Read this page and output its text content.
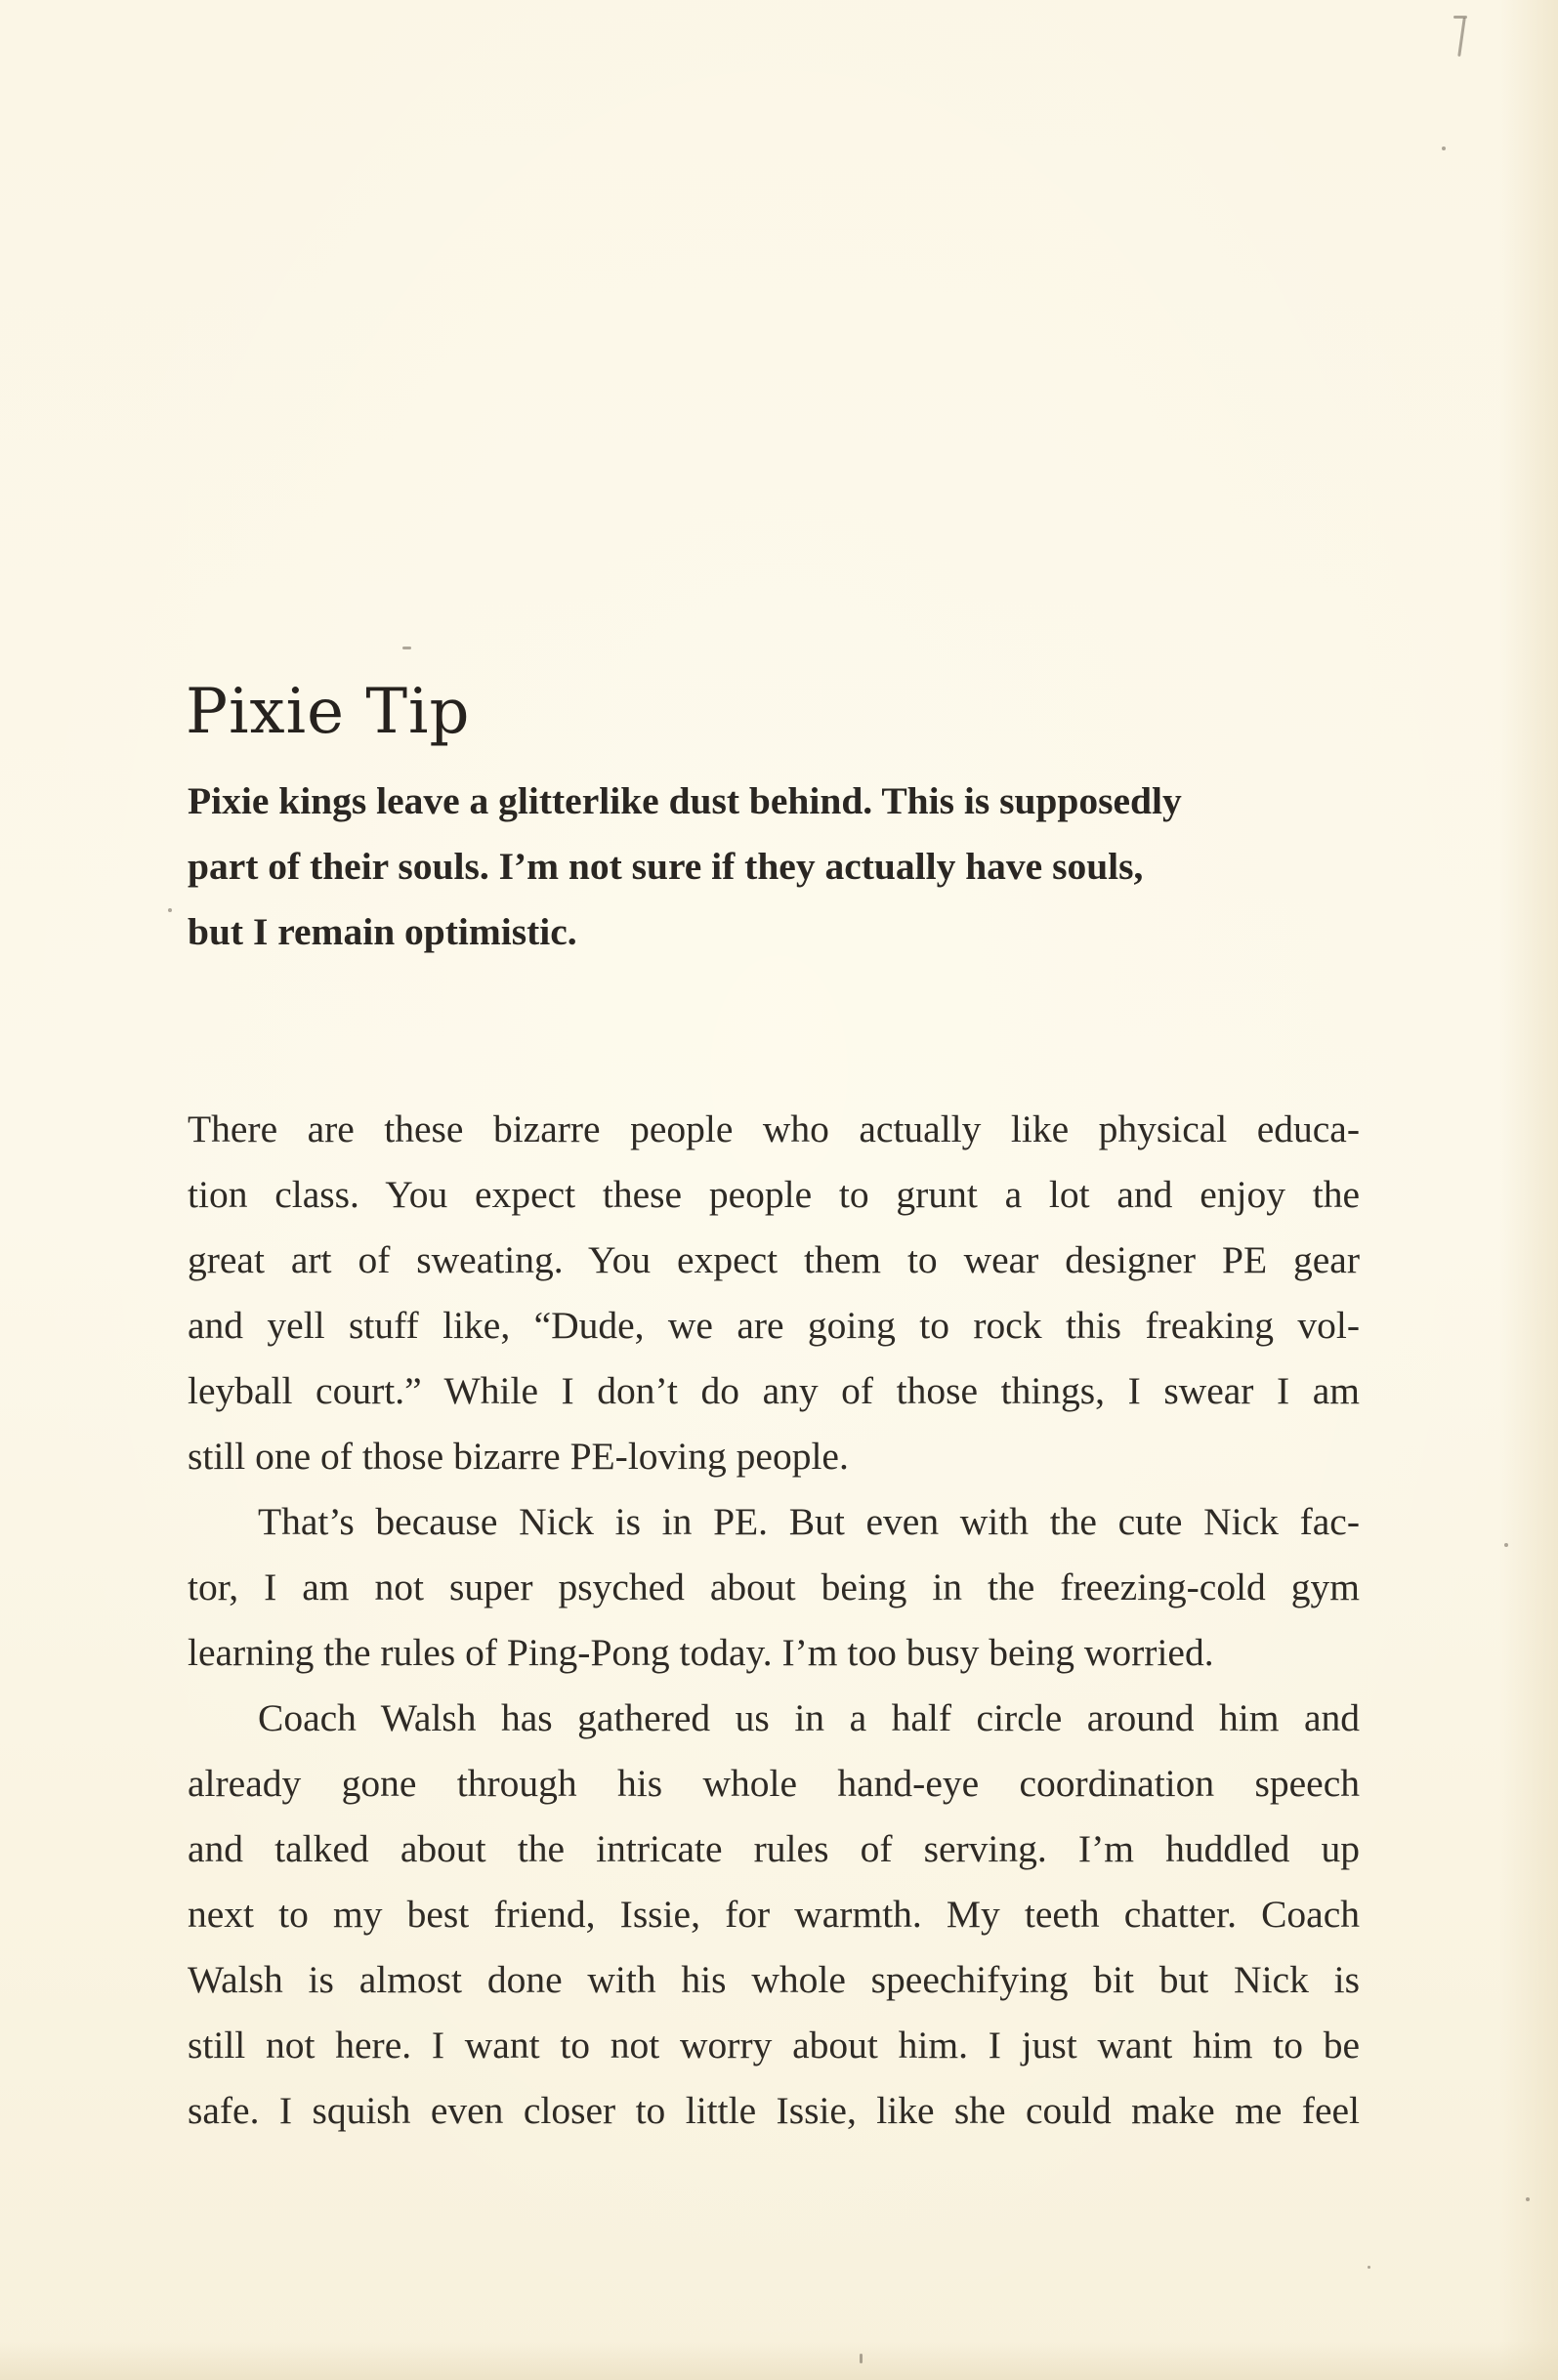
Pixie Tip
Pixie kings leave a glitterlike dust behind. This is supposedly
part of their souls. I’m not sure if they actually have souls,
but I remain optimistic.
There are these bizarre people who actually like physical educa-
tion class. You expect these people to grunt a lot and enjoy the
great art of sweating. You expect them to wear designer PE gear
and yell stuff like, “Dude, we are going to rock this freaking vol-
leyball court.” While I don’t do any of those things, I swear I am
still one of those bizarre PE-loving people.
That’s because Nick is in PE. But even with the cute Nick fac-
tor, I am not super psyched about being in the freezing-cold gym
learning the rules of Ping-Pong today. I’m too busy being worried.
Coach Walsh has gathered us in a half circle around him and
already gone through his whole hand-eye coordination speech
and talked about the intricate rules of serving. I’m huddled up
next to my best friend, Issie, for warmth. My teeth chatter. Coach
Walsh is almost done with his whole speechifying bit but Nick is
still not here. I want to not worry about him. I just want him to be
safe. I squish even closer to little Issie, like she could make me feel
